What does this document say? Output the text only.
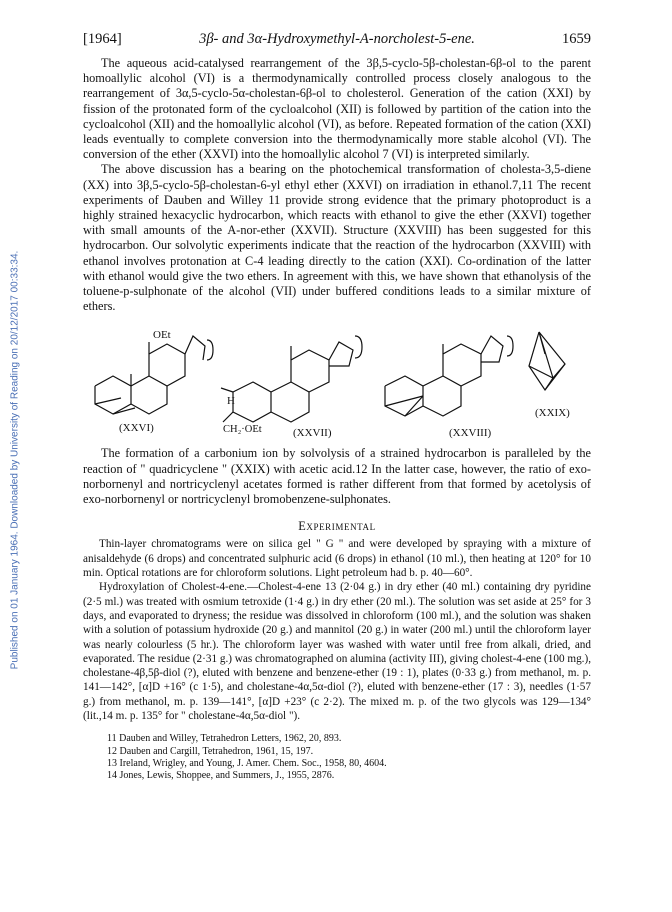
Published on 01 January 1964. Downloaded by University of Reading on 20/12/2017 00:33:34.
[1964]	3β- and 3α-Hydroxymethyl-A-norcholest-5-ene.	1659

The aqueous acid-catalysed rearrangement of the 3β,5-cyclo-5β-cholestan-6β-ol to the parent homoallylic alcohol (VI) is a thermodynamically controlled process closely analogous to the rearrangement of 3α,5-cyclo-5α-cholestan-6β-ol to cholesterol. Generation of the cation (XXI) by fission of the protonated form of the cycloalcohol (XII) is followed by partition of the cation into the cycloalcohol (XII) and the homoallylic alcohol (VI), as before. Repeated formation of the cation (XXI) leads eventually to complete conversion into the thermodynamically more stable alcohol (VI). The conversion of the ether (XXVI) into the homoallylic alcohol 7 (VI) is interpreted similarly.

The above discussion has a bearing on the photochemical transformation of cholesta-3,5-diene (XX) into 3β,5-cyclo-5β-cholestan-6-yl ethyl ether (XXVI) on irradiation in ethanol.7,11 The recent experiments of Dauben and Willey 11 provide strong evidence that the primary photoproduct is a highly strained hexacyclic hydrocarbon, which reacts with ethanol to give the ether (XXVI) together with small amounts of the A-nor-ether (XXVII). Structure (XXVIII) has been suggested for this hydrocarbon. Our solvolytic experiments indicate that the reaction of the hydrocarbon (XXVIII) with ethanol involves protonation at C-4 leading directly to the cation (XXI). Co-ordination of the latter with ethanol would give the two ethers. In agreement with this, we have shown that ethanolysis of the toluene-p-sulphonate of the alcohol (VII) under buffered conditions leads to a similar mixture of ethers.

OEt
(XXVI)
H
CH₂·OEt	(XXVII)	(XXVIII)
(XXIX)

The formation of a carbonium ion by solvolysis of a strained hydrocarbon is paralleled by the reaction of " quadricyclene " (XXIX) with acetic acid.12 In the latter case, however, the ratio of exo-norbornenyl and nortricyclenyl acetates formed is rather different from that formed by acetolysis of exo-norbornenyl or nortricyclenyl bromobenzene-sulphonates.

Experimental

Thin-layer chromatograms were on silica gel " G " and were developed by spraying with a mixture of anisaldehyde (6 drops) and concentrated sulphuric acid (6 drops) in ethanol (10 ml.), then heating at 120° for 10 min. Optical rotations are for chloroform solutions. Light petroleum had b. p. 40—60°.

Hydroxylation of Cholest-4-ene.—Cholest-4-ene 13 (2·04 g.) in dry ether (40 ml.) containing dry pyridine (2·5 ml.) was treated with osmium tetroxide (1·4 g.) in dry ether (20 ml.). The solution was set aside at 25° for 3 days, and evaporated to dryness; the residue was dissolved in chloroform (100 ml.), and the solution was shaken with a solution of potassium hydroxide (20 g.) and mannitol (20 g.) in water (200 ml.) until the chloroform layer was nearly colourless (5 hr.). The chloroform layer was washed with water until free from alkali, dried, and evaporated. The residue (2·31 g.) was chromatographed on alumina (activity III), giving cholest-4-ene (100 mg.), cholestane-4β,5β-diol (?), eluted with benzene and benzene-ether (19 : 1), plates (0·33 g.) from methanol, m. p. 141—142°, [α]D +16° (c 1·5), and cholestane-4α,5α-diol (?), eluted with benzene-ether (17 : 3), needles (1·57 g.) from methanol, m. p. 139—141°, [α]D +23° (c 2·2). The mixed m. p. of the two glycols was 129—134° (lit.,14 m. p. 135° for " cholestane-4α,5α-diol ").

11 Dauben and Willey, Tetrahedron Letters, 1962, 20, 893.
12 Dauben and Cargill, Tetrahedron, 1961, 15, 197.
13 Ireland, Wrigley, and Young, J. Amer. Chem. Soc., 1958, 80, 4604.
14 Jones, Lewis, Shoppee, and Summers, J., 1955, 2876.
